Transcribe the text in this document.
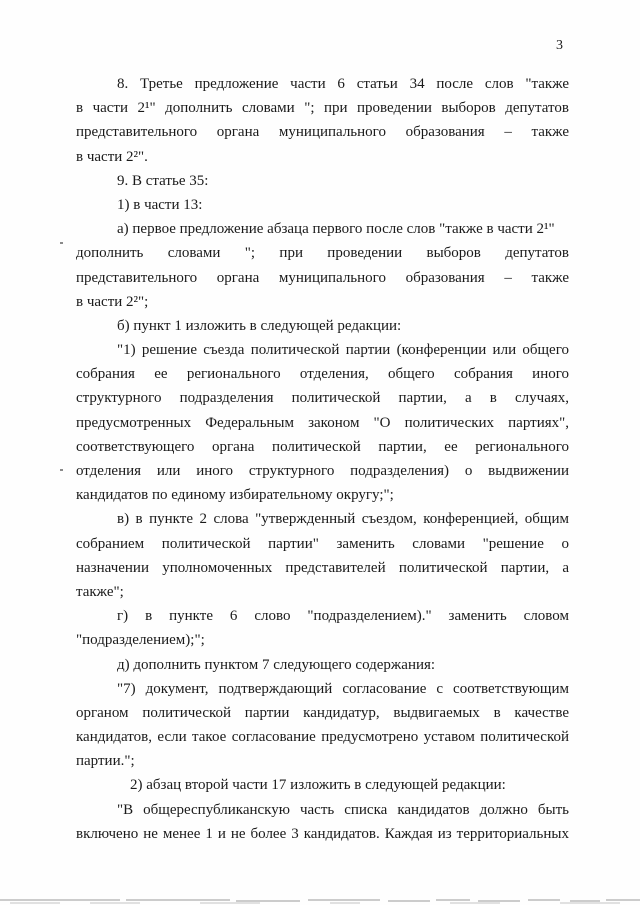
3
8. Третье предложение части 6 статьи 34 после слов "также
в части 2¹" дополнить словами "; при проведении выборов депутатов
представительного органа муниципального образования – также
в части 2²".
9. В статье 35:
1) в части 13:
а) первое предложение абзаца первого после слов "также в части 2¹"
дополнить словами "; при проведении выборов депутатов
представительного органа муниципального образования – также
в части 2²";
б) пункт 1 изложить в следующей редакции:
"1) решение съезда политической партии (конференции или общего
собрания ее регионального отделения, общего собрания иного
структурного подразделения политической партии, а в случаях,
предусмотренных Федеральным законом "О политических партиях",
соответствующего органа политической партии, ее регионального
отделения или иного структурного подразделения) о выдвижении
кандидатов по единому избирательному округу;";
в) в пункте 2 слова "утвержденный съездом, конференцией, общим
собранием политической партии" заменить словами "решение о
назначении уполномоченных представителей политической партии, а
также";
г) в пункте 6 слово "подразделением)." заменить словом
"подразделением);";
д) дополнить пунктом 7 следующего содержания:
"7) документ, подтверждающий согласование с соответствующим
органом политической партии кандидатур, выдвигаемых в качестве
кандидатов, если такое согласование предусмотрено уставом политической
партии.";
2) абзац второй части 17 изложить в следующей редакции:
"В общереспубликанскую часть списка кандидатов должно быть
включено не менее 1 и не более 3 кандидатов. Каждая из территориальных
